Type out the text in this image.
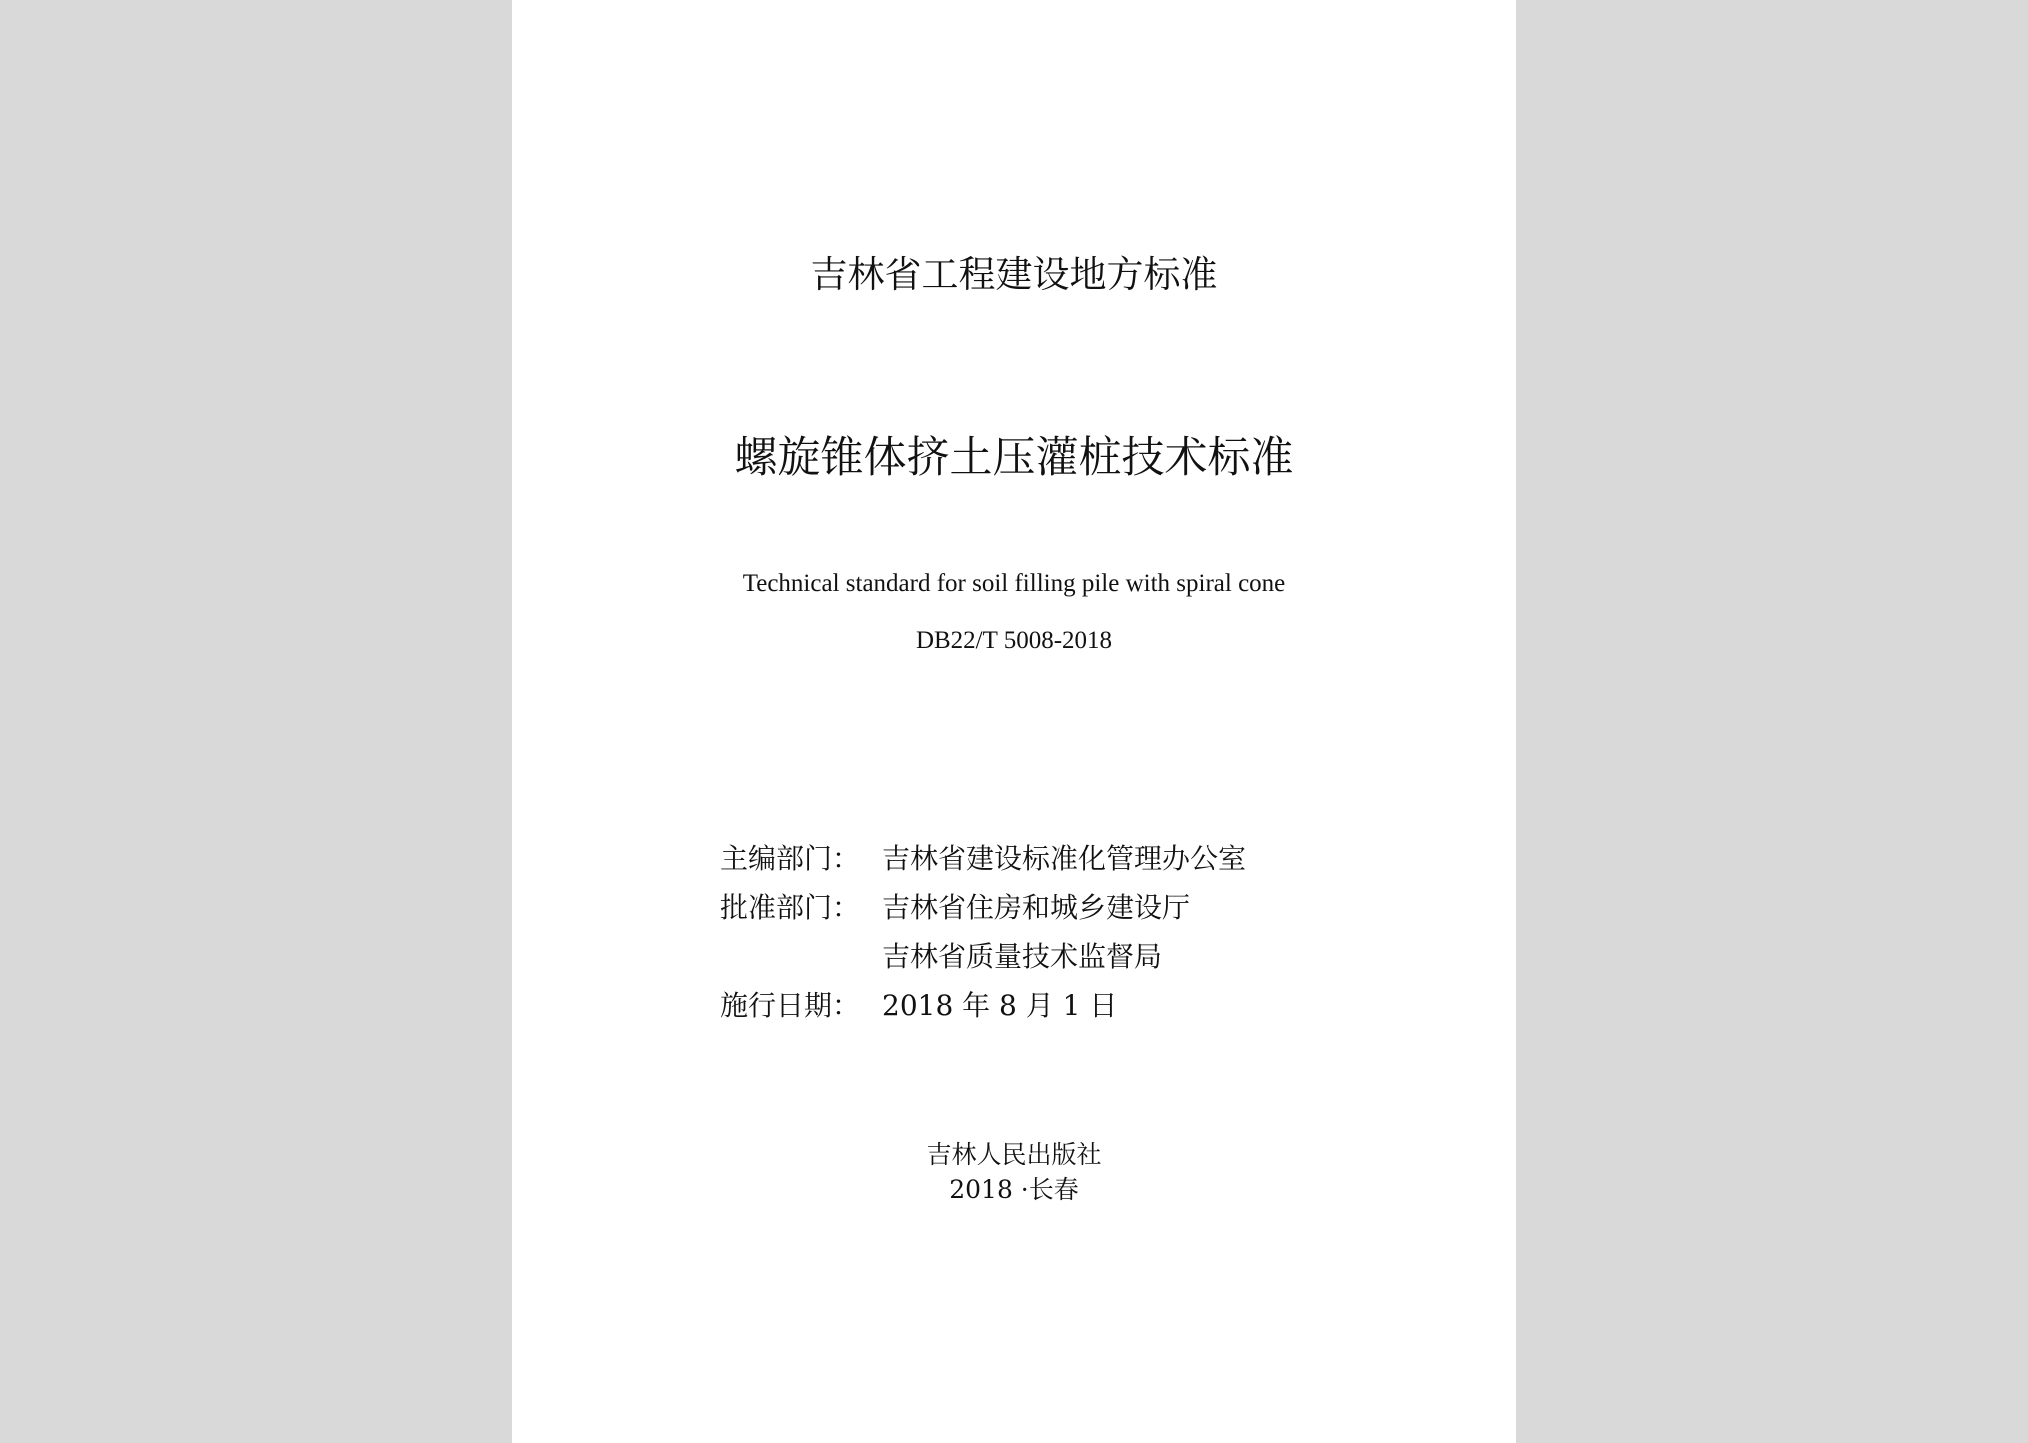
吉林省工程建设地方标准
螺旋锥体挤土压灌桩技术标准
Technical standard for soil filling pile with spiral cone
DB22/T 5008-2018
主编部门： 吉林省建设标准化管理办公室
批准部门： 吉林省住房和城乡建设厅
吉林省质量技术监督局
施行日期： 2018 年 8 月 1 日
吉林人民出版社
2018 ·长春
